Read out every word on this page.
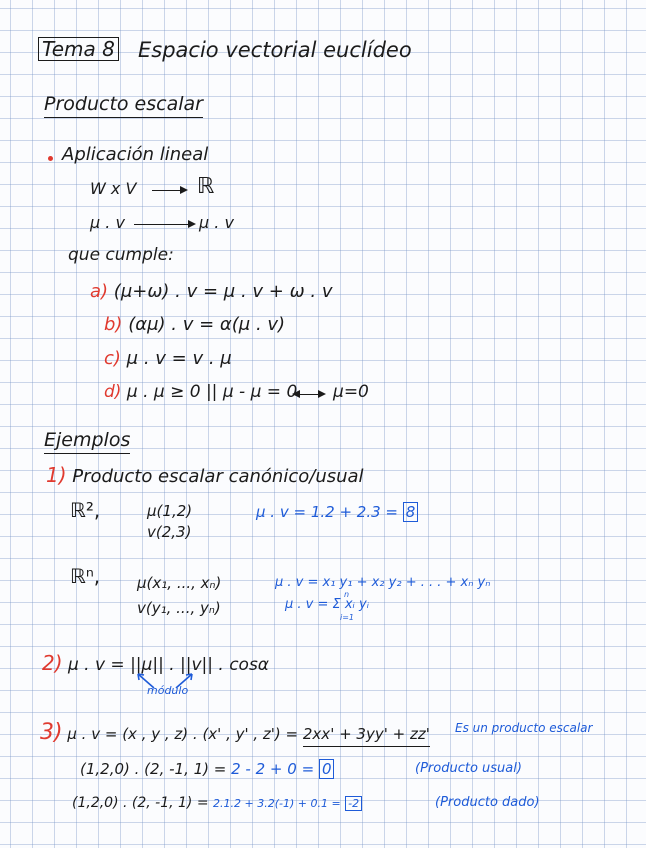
Tema 8 Espacio vectorial euclídeo
Producto escalar
Aplicación lineal
W x V	ℝ
μ . v	μ . v
que cumple:
a) (μ+ω) . v = μ . v + ω . v
b) (αμ) . v = α(μ . v)
c) μ . v = v . μ
d) μ . μ ≥ 0 || μ - μ = 0 μ=0
Ejemplos
1) Producto escalar canónico/usual
ℝ²,	μ(1,2)
v(2,3)
μ . v = 1.2 + 2.3 = 8
ℝⁿ, μ(x₁, ..., xₙ)
v(y₁, ..., yₙ)
μ . v = x₁ y₁ + x₂ y₂ + . . . + xₙ yₙ
μ . v = Σ xᵢ yᵢ
n
i=1
2) μ . v = ||μ|| . ||v|| . cosα
módulo
3) μ . v = (x , y , z) . (x' , y' , z') = 2xx' + 3yy' + zz' Es un producto escalar
(1,2,0) . (2, -1, 1) = 2 - 2 + 0 = 0	(Producto usual)
(1,2,0) . (2, -1, 1) = 2.1.2 + 3.2(-1) + 0.1 = -2	(Producto dado)
